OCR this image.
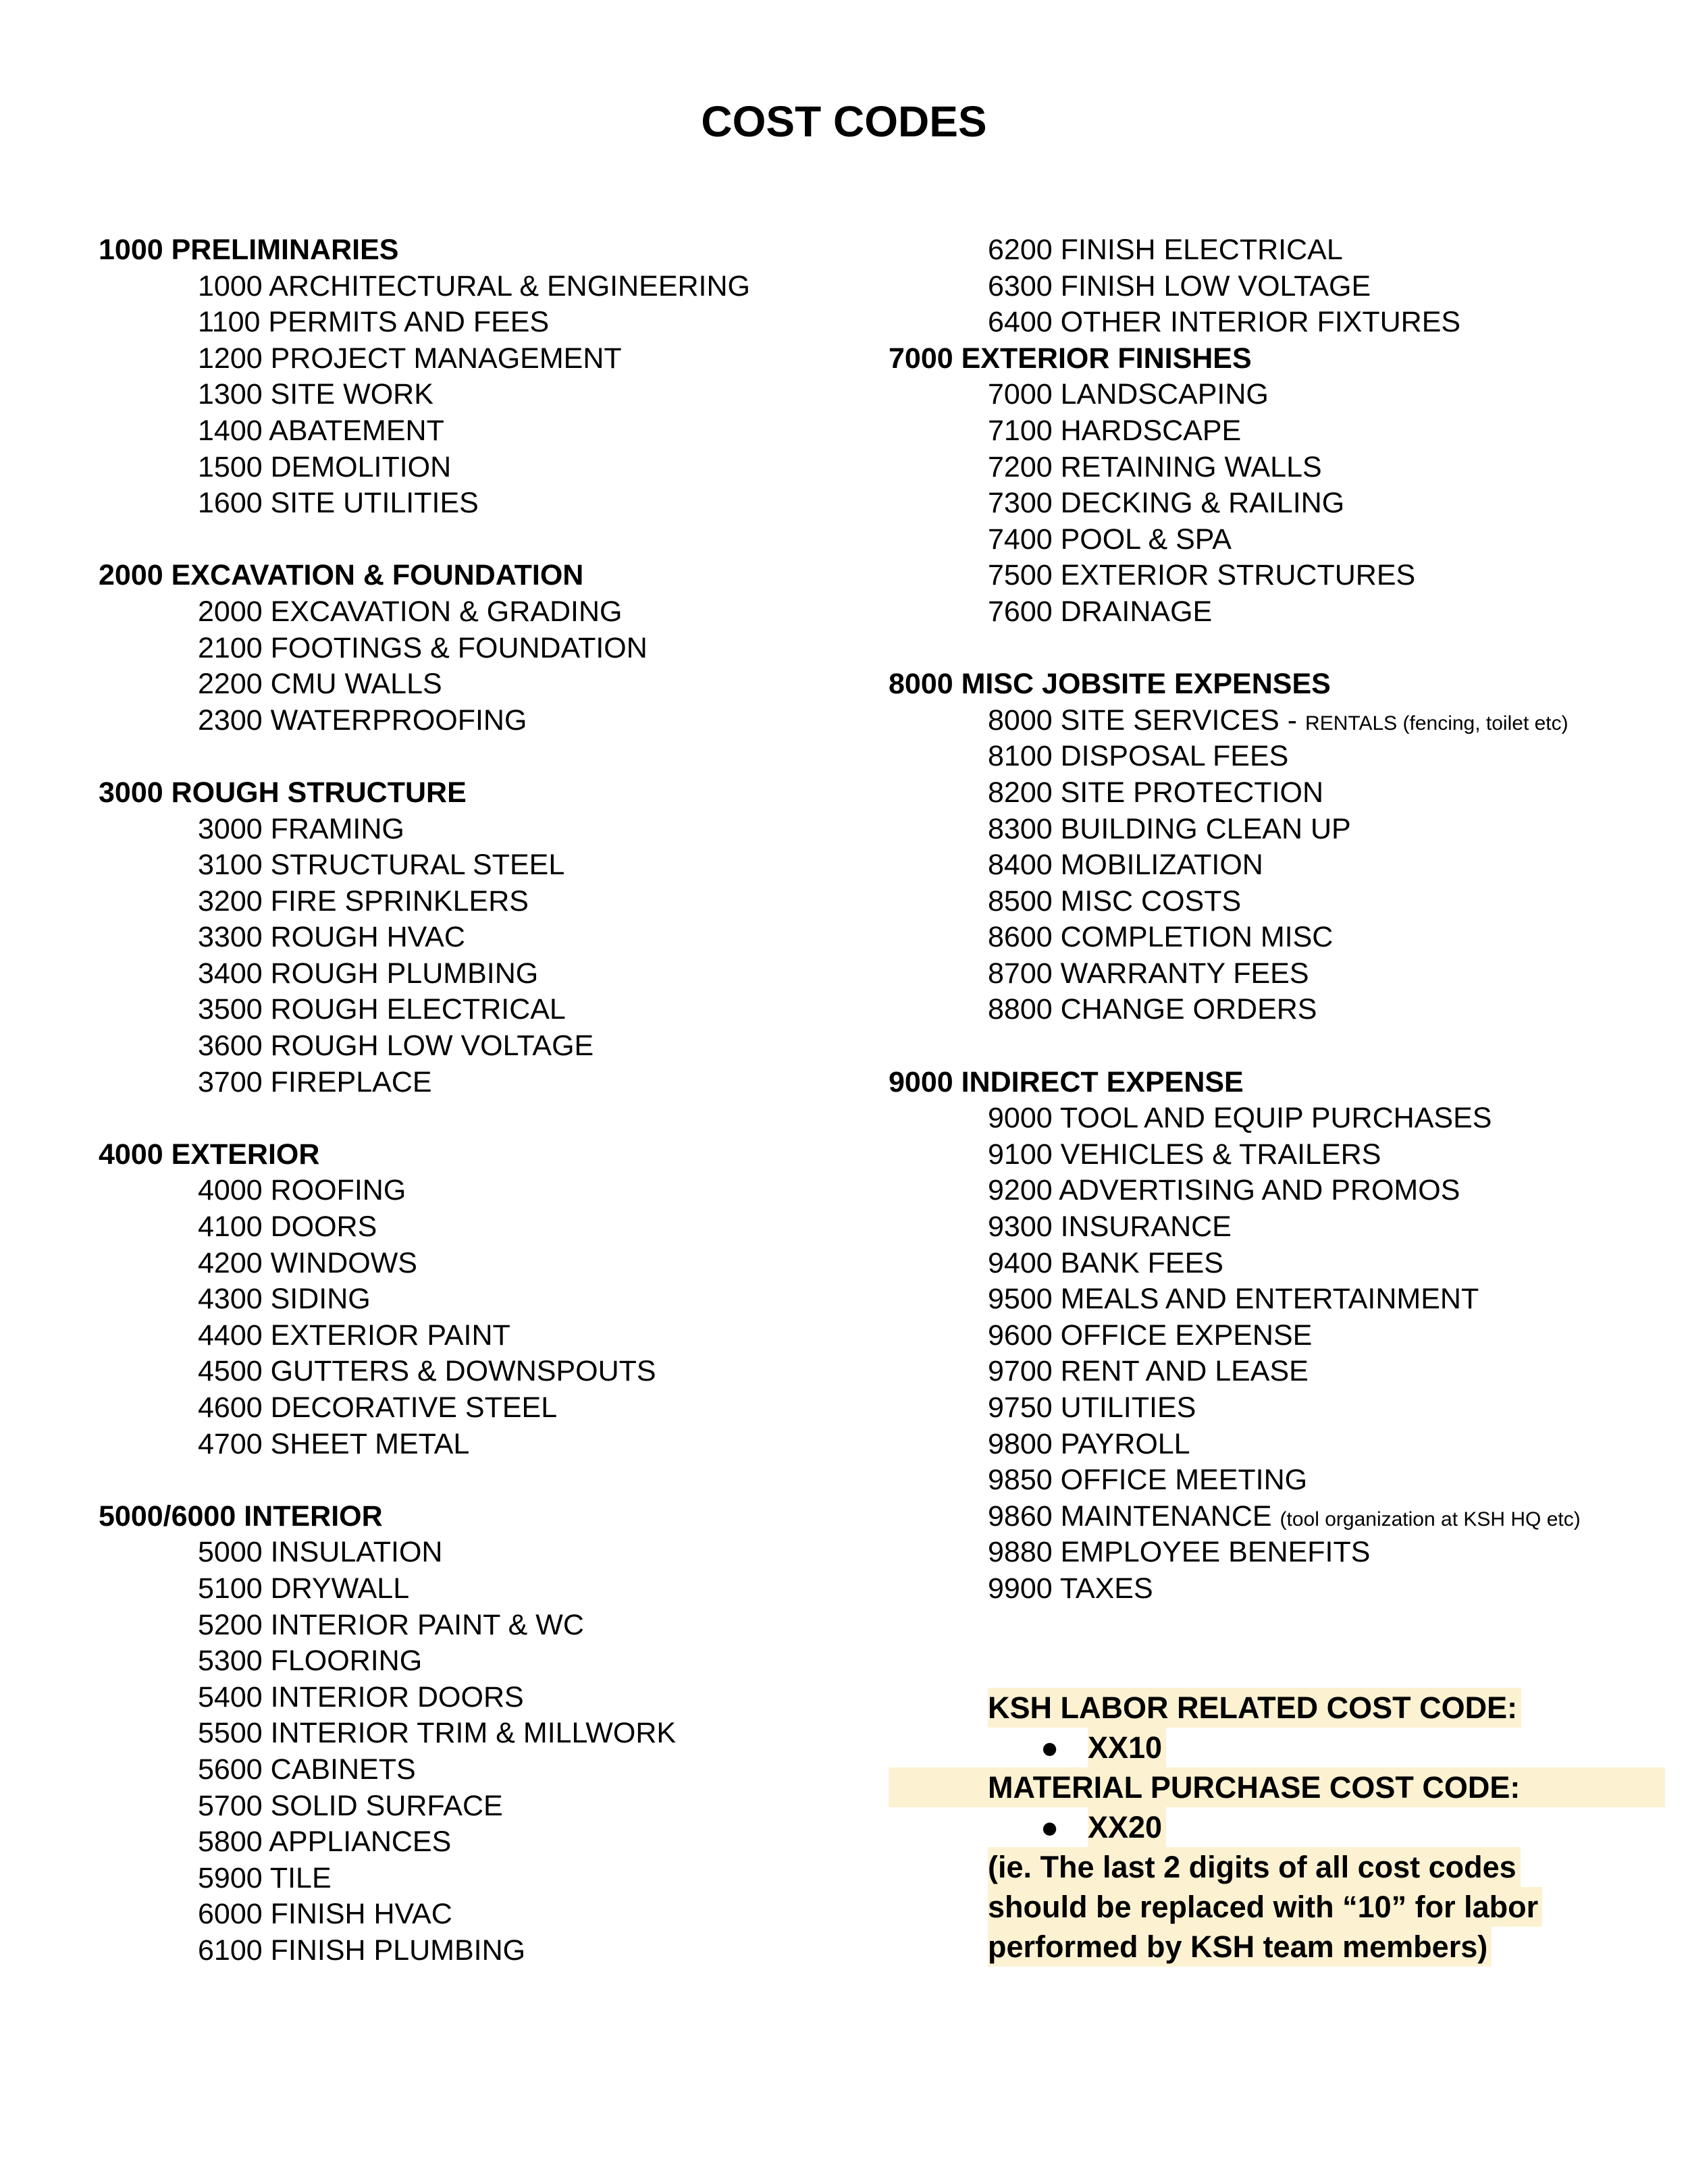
COST CODES
1000 PRELIMINARIES
1000 ARCHITECTURAL & ENGINEERING
1100 PERMITS AND FEES
1200 PROJECT MANAGEMENT
1300 SITE WORK
1400 ABATEMENT
1500 DEMOLITION
1600 SITE UTILITIES
2000 EXCAVATION & FOUNDATION
2000 EXCAVATION & GRADING
2100 FOOTINGS & FOUNDATION
2200 CMU WALLS
2300 WATERPROOFING
3000 ROUGH STRUCTURE
3000 FRAMING
3100 STRUCTURAL STEEL
3200 FIRE SPRINKLERS
3300 ROUGH HVAC
3400 ROUGH PLUMBING
3500 ROUGH ELECTRICAL
3600 ROUGH LOW VOLTAGE
3700 FIREPLACE
4000 EXTERIOR
4000 ROOFING
4100 DOORS
4200 WINDOWS
4300 SIDING
4400 EXTERIOR PAINT
4500 GUTTERS & DOWNSPOUTS
4600 DECORATIVE STEEL
4700 SHEET METAL
5000/6000 INTERIOR
5000 INSULATION
5100 DRYWALL
5200 INTERIOR PAINT & WC
5300 FLOORING
5400 INTERIOR DOORS
5500 INTERIOR TRIM & MILLWORK
5600 CABINETS
5700 SOLID SURFACE
5800 APPLIANCES
5900 TILE
6000 FINISH HVAC
6100 FINISH PLUMBING
6200 FINISH ELECTRICAL
6300 FINISH LOW VOLTAGE
6400 OTHER INTERIOR FIXTURES
7000 EXTERIOR FINISHES
7000 LANDSCAPING
7100 HARDSCAPE
7200 RETAINING WALLS
7300 DECKING & RAILING
7400 POOL & SPA
7500 EXTERIOR STRUCTURES
7600 DRAINAGE
8000 MISC JOBSITE EXPENSES
8000 SITE SERVICES - RENTALS (fencing, toilet etc)
8100 DISPOSAL FEES
8200 SITE PROTECTION
8300 BUILDING CLEAN UP
8400 MOBILIZATION
8500 MISC COSTS
8600 COMPLETION MISC
8700 WARRANTY FEES
8800 CHANGE ORDERS
9000 INDIRECT EXPENSE
9000 TOOL AND EQUIP PURCHASES
9100 VEHICLES & TRAILERS
9200 ADVERTISING AND PROMOS
9300 INSURANCE
9400 BANK FEES
9500 MEALS AND ENTERTAINMENT
9600 OFFICE EXPENSE
9700 RENT AND LEASE
9750 UTILITIES
9800 PAYROLL
9850 OFFICE MEETING
9860 MAINTENANCE (tool organization at KSH HQ etc)
9880 EMPLOYEE BENEFITS
9900 TAXES
KSH LABOR RELATED COST CODE:
● XX10
MATERIAL PURCHASE COST CODE:
● XX20
(ie. The last 2 digits of all cost codes
should be replaced with “10” for labor
performed by KSH team members)
